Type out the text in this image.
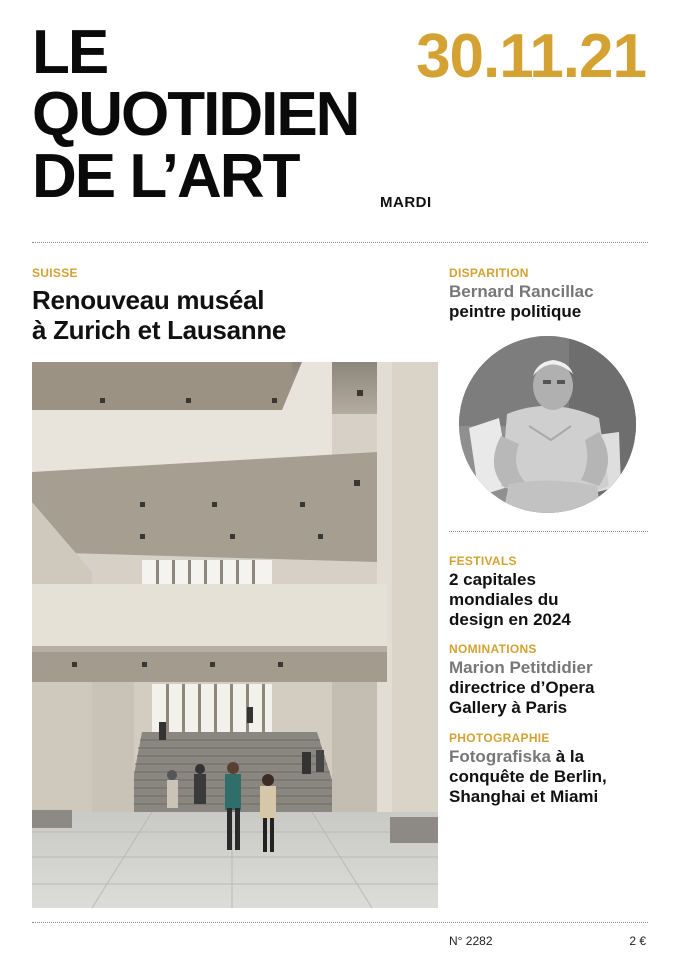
LE
QUOTIDIEN
DE L’ART
30.11.21
MARDI
SUISSE
Renouveau muséal
à Zurich et Lausanne
DISPARITION
Bernard Rancillac
peintre politique
FESTIVALS
2 capitales mondiales du design en 2024
NOMINATIONS
Marion Petitdidier
directrice d’Opera Gallery à Paris
PHOTOGRAPHIE
Fotografiska à la conquête de Berlin, Shanghai et Miami
N° 2282	2 €
